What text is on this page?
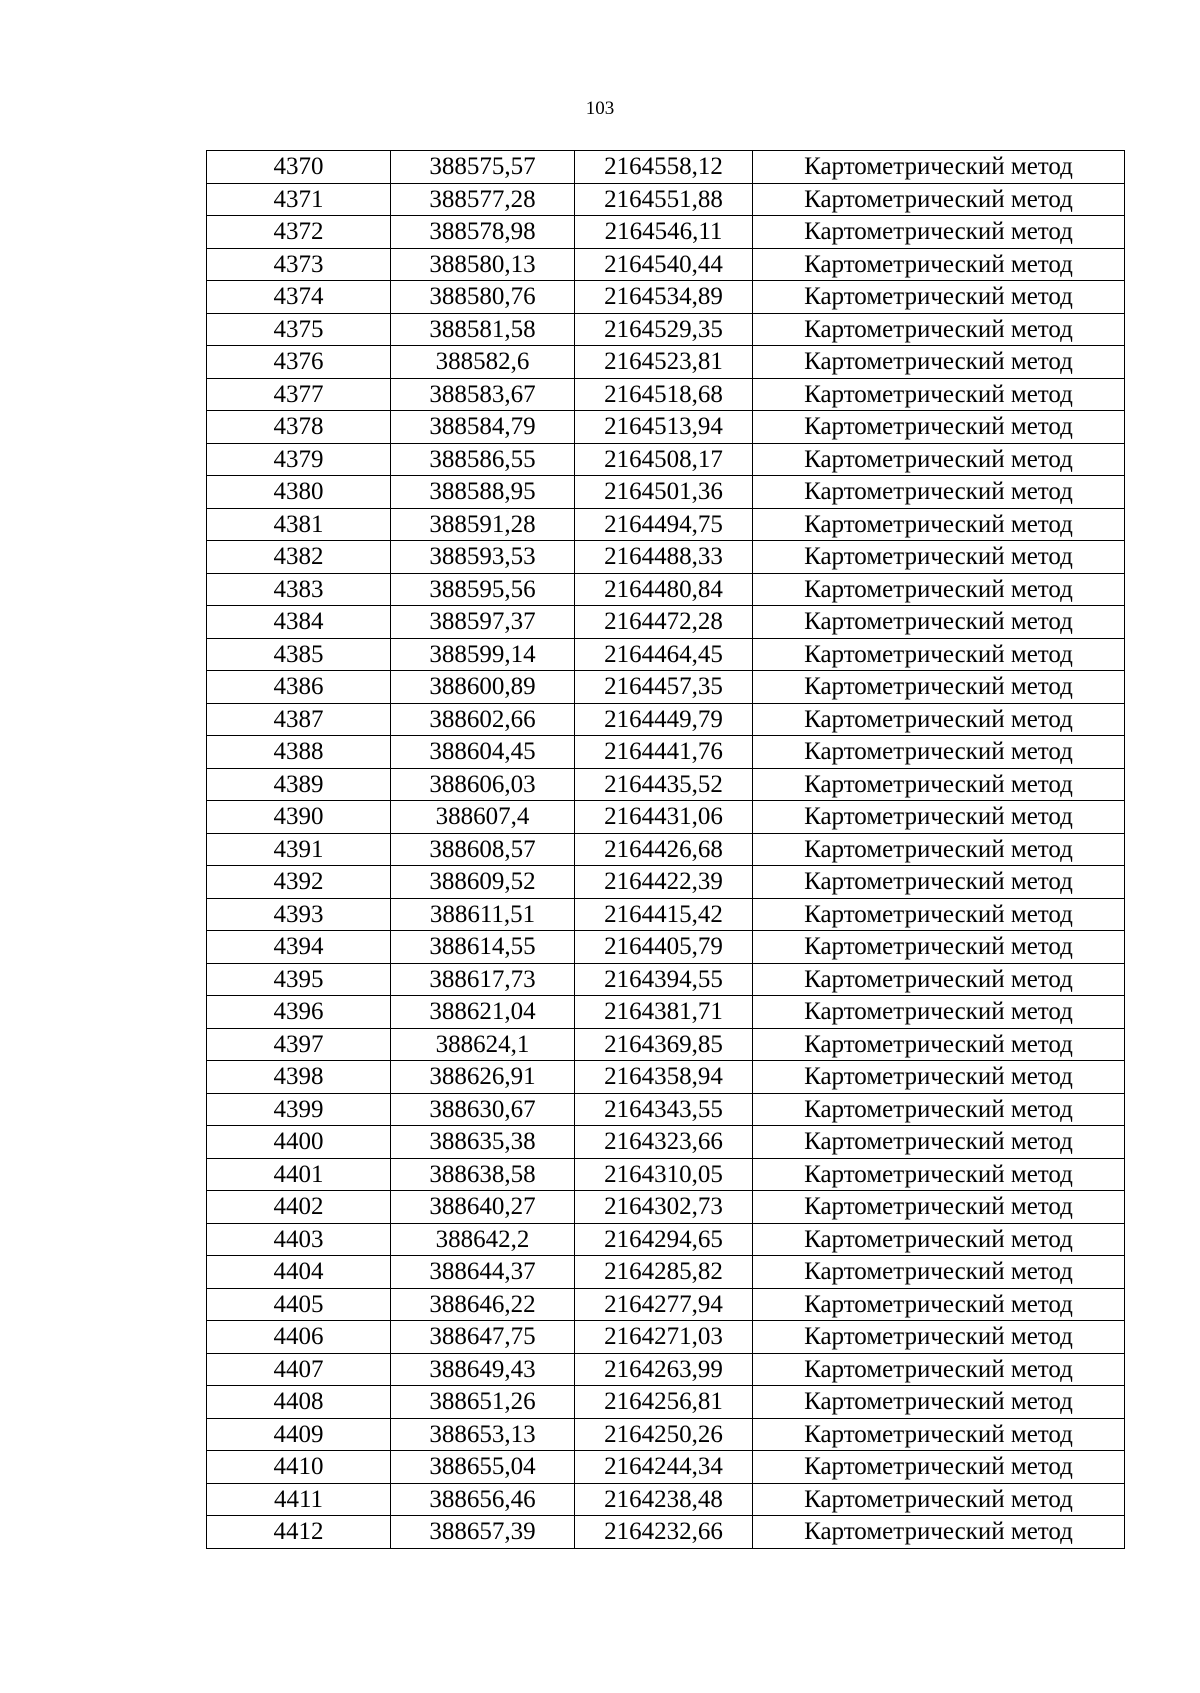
103
4370	388575,57	2164558,12	Картометрический метод
4371	388577,28	2164551,88	Картометрический метод
4372	388578,98	2164546,11	Картометрический метод
4373	388580,13	2164540,44	Картометрический метод
4374	388580,76	2164534,89	Картометрический метод
4375	388581,58	2164529,35	Картометрический метод
4376	388582,6	2164523,81	Картометрический метод
4377	388583,67	2164518,68	Картометрический метод
4378	388584,79	2164513,94	Картометрический метод
4379	388586,55	2164508,17	Картометрический метод
4380	388588,95	2164501,36	Картометрический метод
4381	388591,28	2164494,75	Картометрический метод
4382	388593,53	2164488,33	Картометрический метод
4383	388595,56	2164480,84	Картометрический метод
4384	388597,37	2164472,28	Картометрический метод
4385	388599,14	2164464,45	Картометрический метод
4386	388600,89	2164457,35	Картометрический метод
4387	388602,66	2164449,79	Картометрический метод
4388	388604,45	2164441,76	Картометрический метод
4389	388606,03	2164435,52	Картометрический метод
4390	388607,4	2164431,06	Картометрический метод
4391	388608,57	2164426,68	Картометрический метод
4392	388609,52	2164422,39	Картометрический метод
4393	388611,51	2164415,42	Картометрический метод
4394	388614,55	2164405,79	Картометрический метод
4395	388617,73	2164394,55	Картометрический метод
4396	388621,04	2164381,71	Картометрический метод
4397	388624,1	2164369,85	Картометрический метод
4398	388626,91	2164358,94	Картометрический метод
4399	388630,67	2164343,55	Картометрический метод
4400	388635,38	2164323,66	Картометрический метод
4401	388638,58	2164310,05	Картометрический метод
4402	388640,27	2164302,73	Картометрический метод
4403	388642,2	2164294,65	Картометрический метод
4404	388644,37	2164285,82	Картометрический метод
4405	388646,22	2164277,94	Картометрический метод
4406	388647,75	2164271,03	Картометрический метод
4407	388649,43	2164263,99	Картометрический метод
4408	388651,26	2164256,81	Картометрический метод
4409	388653,13	2164250,26	Картометрический метод
4410	388655,04	2164244,34	Картометрический метод
4411	388656,46	2164238,48	Картометрический метод
4412	388657,39	2164232,66	Картометрический метод
